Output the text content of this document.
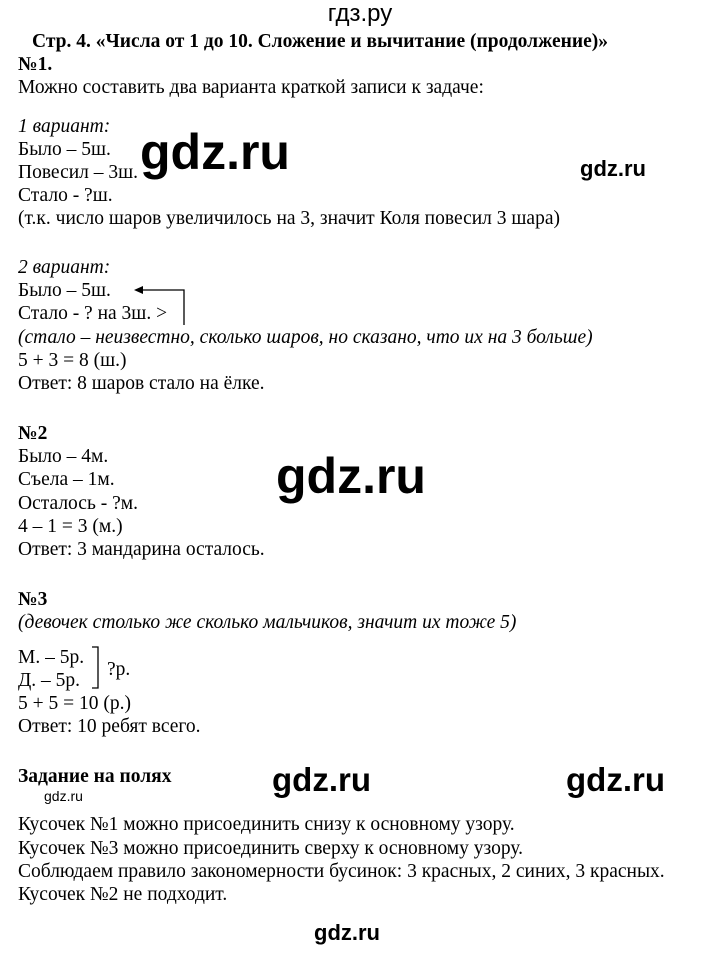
гдз.ру
Стр. 4. «Числа от 1 до 10. Сложение и вычитание (продолжение)»
№1.
Можно составить два варианта краткой записи к задаче:
1 вариант:
Было – 5ш.
Повесил – 3ш.
Стало - ?ш.
(т.к. число шаров увеличилось на 3, значит Коля повесил 3 шара)
2 вариант:
Было – 5ш.
Стало - ? на 3ш. >
(стало – неизвестно, сколько шаров, но сказано, что их на 3 больше)
5 + 3 = 8 (ш.)
Ответ: 8 шаров стало на ёлке.
№2
Было – 4м.
Съела – 1м.
Осталось - ?м.
4 – 1 = 3 (м.)
Ответ: 3 мандарина осталось.
№3
(девочек столько же сколько мальчиков, значит их тоже 5)
М. – 5р.
Д. – 5р.
?р.
5 + 5 = 10 (р.)
Ответ: 10 ребят всего.
Задание на полях
Кусочек №1 можно присоединить снизу к основному узору.
Кусочек №3 можно присоединить сверху к основному узору.
Соблюдаем правило закономерности бусинок: 3 красных, 2 синих, 3 красных.
Кусочек №2 не подходит.
gdz.ru	gdz.ru
gdz.ru
gdz.ru	gdz.ru
gdz.ru
gdz.ru
